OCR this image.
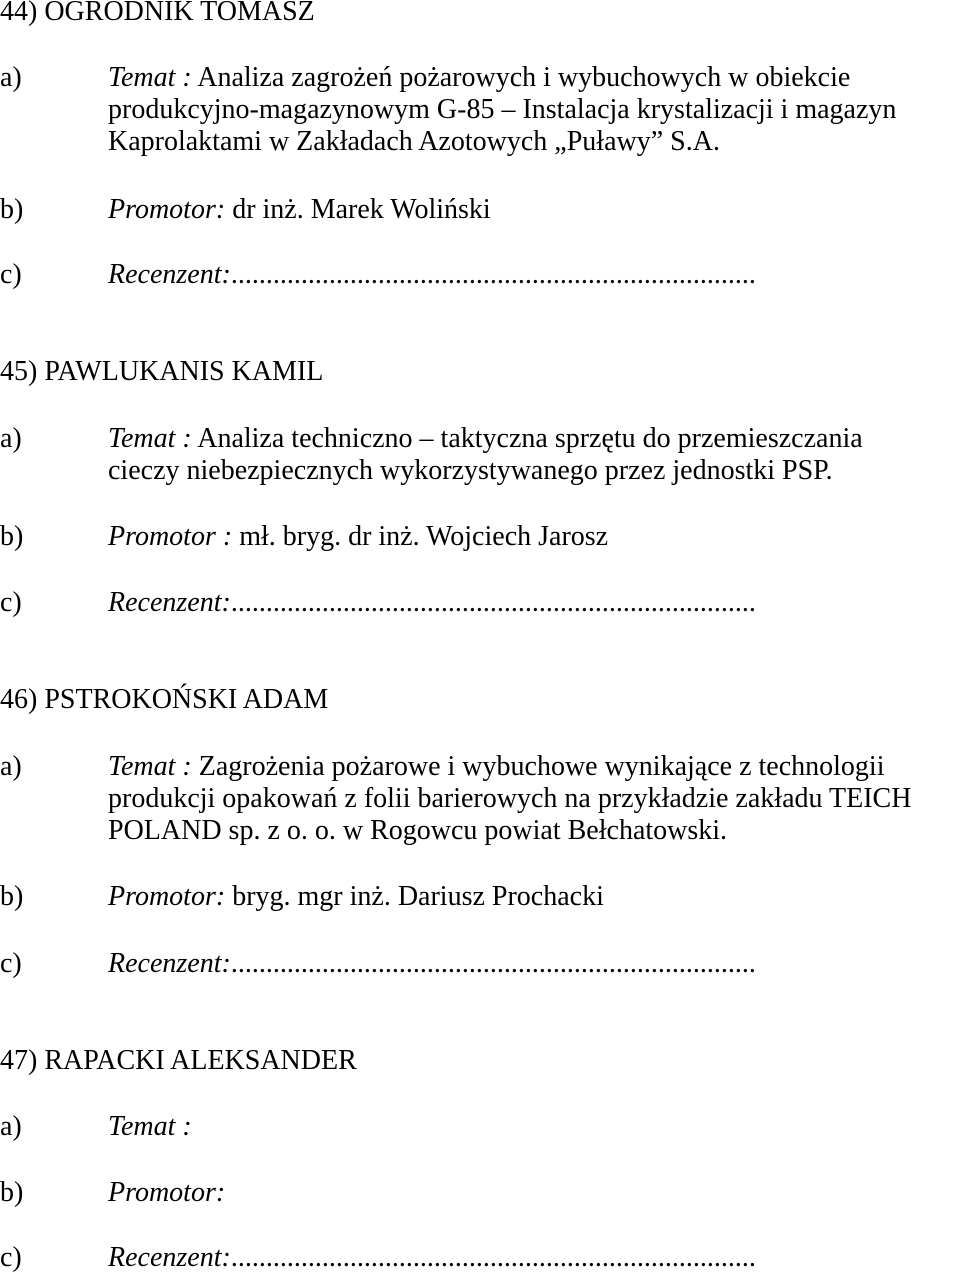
44) OGRODNIK TOMASZ
a)	Temat : Analiza zagrożeń pożarowych i wybuchowych w obiekcie
produkcyjno-magazynowym G-85 – Instalacja krystalizacji i magazyn
Kaprolaktami w Zakładach Azotowych „Puławy” S.A.
b)	Promotor: dr inż. Marek Woliński
c)	Recenzent:...........................................................................
45) PAWLUKANIS KAMIL
a)	Temat : Analiza techniczno – taktyczna sprzętu do przemieszczania
cieczy niebezpiecznych wykorzystywanego przez jednostki PSP.
b)	Promotor : mł. bryg. dr inż. Wojciech Jarosz
c)	Recenzent:...........................................................................
46) PSTROKOŃSKI ADAM
a)	Temat : Zagrożenia pożarowe i wybuchowe wynikające z technologii
produkcji opakowań z folii barierowych na przykładzie zakładu TEICH
POLAND sp. z o. o. w Rogowcu powiat Bełchatowski.
b)	Promotor: bryg. mgr inż. Dariusz Prochacki
c)	Recenzent:...........................................................................
47) RAPACKI ALEKSANDER
a)	Temat :
b)	Promotor:
c)	Recenzent:...........................................................................
